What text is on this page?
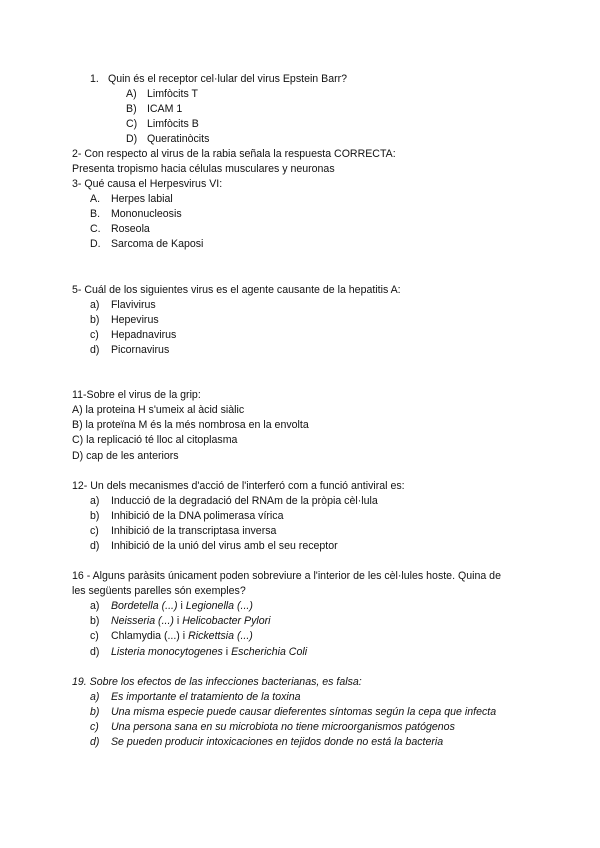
1. Quin és el receptor cel·lular del virus Epstein Barr?
A) Limfòcits T
B) ICAM 1
C) Limfòcits B
D) Queratinòcits
2- Con respecto al virus de la rabia señala la respuesta CORRECTA:
Presenta tropismo hacia células musculares y neuronas
3- Qué causa el Herpesvirus VI:
A. Herpes labial
B. Mononucleosis
C. Roseola
D. Sarcoma de Kaposi
5- Cuál de los siguientes virus es el agente causante de la hepatitis A:
a) Flavivirus
b) Hepevirus
c) Hepadnavirus
d) Picornavirus
11-Sobre el virus de la grip:
A) la proteina H s'umeix al àcid siàlic
B) la proteïna M és la més nombrosa en la envolta
C) la replicació té lloc al citoplasma
D) cap de les anteriors
12- Un dels mecanismes d'acció de l'interferó com a funció antiviral es:
a) Inducció de la degradació del RNAm de la pròpia cèl·lula
b) Inhibició de la DNA polimerasa vírica
c) Inhibició de la transcriptasa inversa
d) Inhibició de la unió del virus amb el seu receptor
16 - Alguns paràsits únicament poden sobreviure a l'interior de les cèl·lules hoste. Quina de
les següents parelles són exemples?
a) Bordetella (...) i Legionella (...)
b) Neisseria (...) i Helicobacter Pylori
c) Chlamydia (...) i Rickettsia (...)
d) Listeria monocytogenes i Escherichia Coli
19. Sobre los efectos de las infecciones bacterianas, es falsa:
a) Es importante el tratamiento de la toxina
b) Una misma especie puede causar dieferentes síntomas según la cepa que infecta
c) Una persona sana en su microbiota no tiene microorganismos patógenos
d) Se pueden producir intoxicaciones en tejidos donde no está la bacteria
